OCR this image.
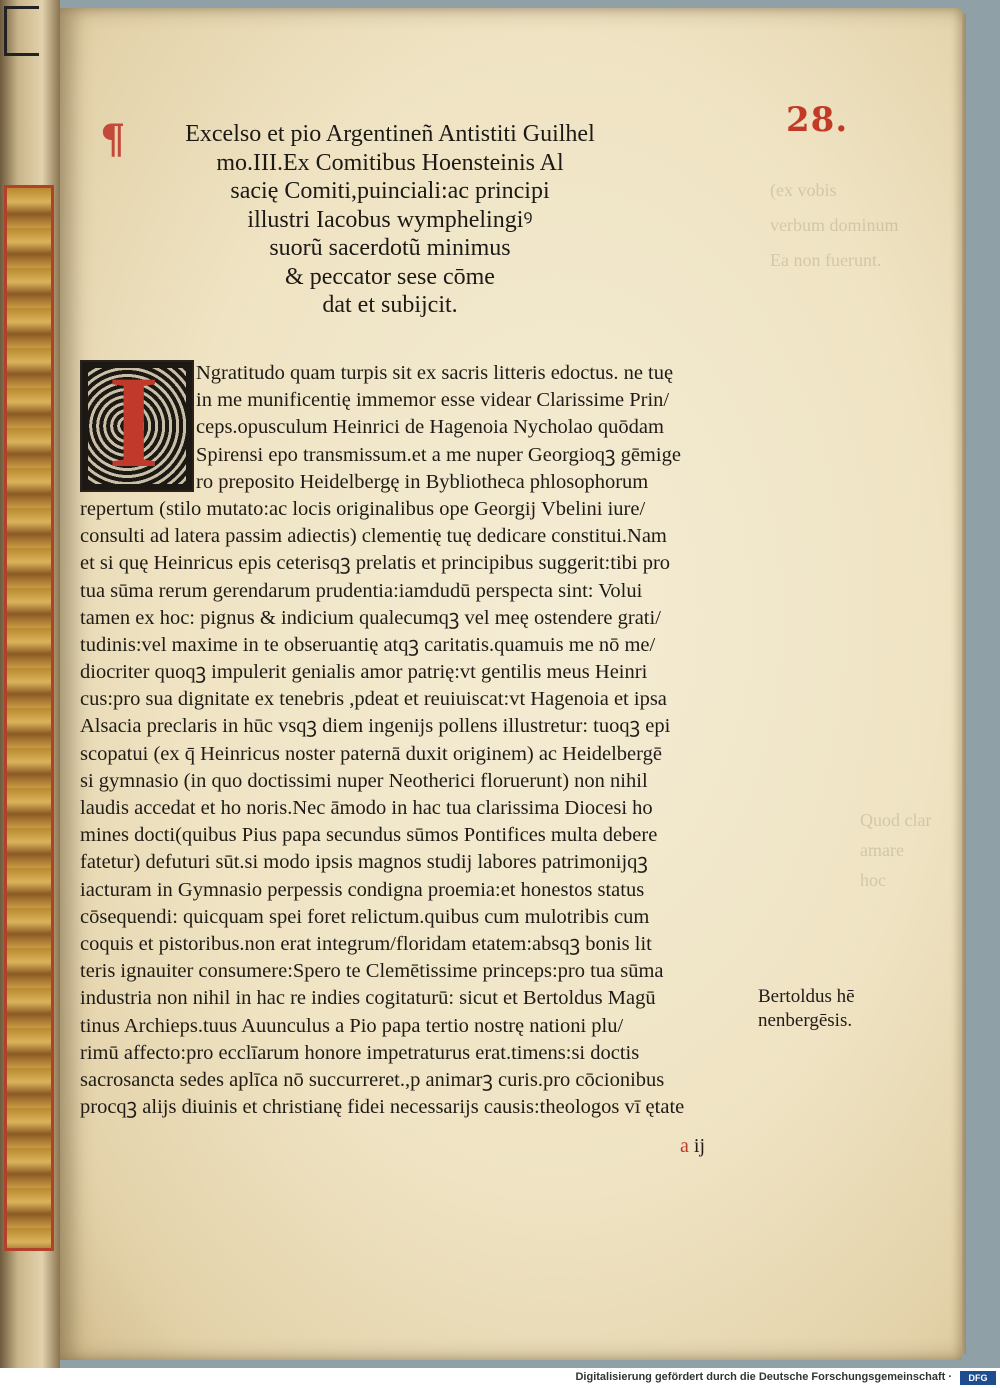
(ex vobis
verbum dominum
Ea non fuerunt.
Quod clar
amare
hoc
28.
¶	Excelso et pio Argentineñ Antistiti Guilhel
mo.III.Ex Comitibus Hoensteinis Al
sacię Comiti,puinciali:ac principi
illustri Iacobus wymphelingiꝰ
suorũ sacerdotũ minimus
& peccator sese cōme
dat et subijcit.
I	Ngratitudo quam turpis sit ex sacris litteris edoctus. ne tuę
in me munificentię immemor esse videar Clarissime Prin/
ceps.opusculum Heinrici de Hagenoia Nycholao quōdam
Spirensi epo transmissum.et a me nuper Georgioqꝫ gēmige
ro preposito Heidelbergę in Bybliotheca phlosophorum
repertum (stilo mutato:ac locis originalibus ope Georgij Vbelini iure/
consulti ad latera passim adiectis) clementię tuę dedicare constitui.Nam
et si quę Heinricus epis ceterisqꝫ prelatis et principibus suggerit:tibi pro
tua sūma rerum gerendarum prudentia:iamdudū perspecta sint: Volui
tamen ex hoc: pignus & indicium qualecumqꝫ vel meę ostendere grati/
tudinis:vel maxime in te obseruantię atqꝫ caritatis.quamuis me nō me/
diocriter quoqꝫ impulerit genialis amor patrię:vt gentilis meus Heinri
cus:pro sua dignitate ex tenebris ,pdeat et reuiuiscat:vt Hagenoia et ipsa
Alsacia preclaris in hūc vsqꝫ diem ingenijs pollens illustretur: tuoqꝫ epi
scopatui (ex q̄ Heinricus noster paternā duxit originem) ac Heidelbergē
si gymnasio (in quo doctissimi nuper Neotherici floruerunt) non nihil
laudis accedat et ho noris.Nec āmodo in hac tua clarissima Diocesi ho
mines docti(quibus Pius papa secundus sūmos Pontifices multa debere
fatetur) defuturi sūt.si modo ipsis magnos studij labores patrimonijqꝫ
iacturam in Gymnasio perpessis condigna proemia:et honestos status
cōsequendi: quicquam spei foret relictum.quibus cum mulotribis cum
coquis et pistoribus.non erat integrum/floridam etatem:absqꝫ bonis lit
teris ignauiter consumere:Spero te Clemētissime princeps:pro tua sūma
industria non nihil in hac re indies cogitaturū: sicut et Bertoldus Magū
tinus Archieps.tuus Auunculus a Pio papa tertio nostrę nationi plu/
rimū affecto:pro ecclīarum honore impetraturus erat.timens:si doctis
sacrosancta sedes aplīca nō succurreret.,p animarꝫ curis.pro cōcionibus
procqꝫ alijs diuinis et christianę fidei necessarijs causis:theologos vī ętate
a ij
Bertoldus hē
nenbergēsis.
Digitalisierung gefördert durch die Deutsche Forschungsgemeinschaft ·	DFG
